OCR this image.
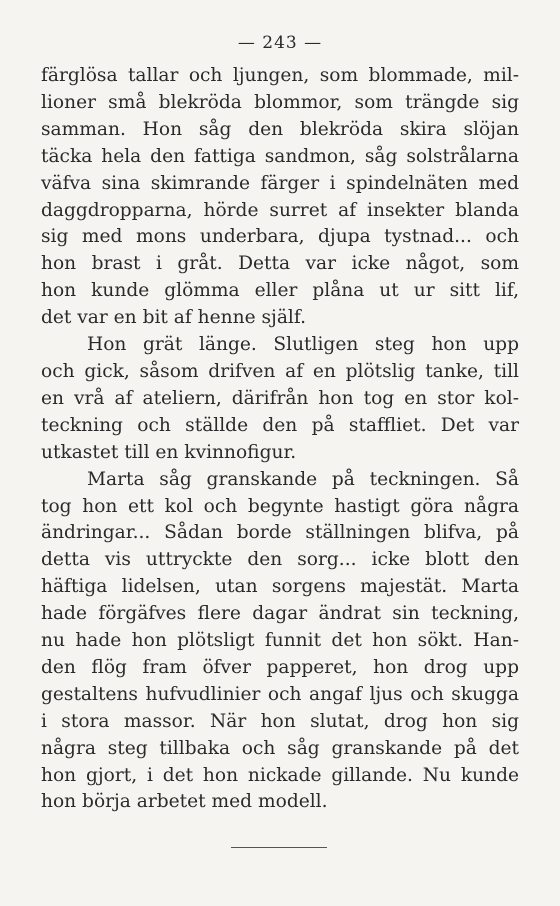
— 243 —
färglösa tallar och ljungen, som blommade, mil-
lioner små blekröda blommor, som trängde sig
samman. Hon såg den blekröda skira slöjan
täcka hela den fattiga sandmon, såg solstrålarna
väfva sina skimrande färger i spindelnäten med
daggdropparna, hörde surret af insekter blanda
sig med mons underbara, djupa tystnad... och
hon brast i gråt. Detta var icke något, som
hon kunde glömma eller plåna ut ur sitt lif,
det var en bit af henne själf.
Hon grät länge. Slutligen steg hon upp
och gick, såsom drifven af en plötslig tanke, till
en vrå af ateliern, därifrån hon tog en stor kol-
teckning och ställde den på staffliet. Det var
utkastet till en kvinnofigur.
Marta såg granskande på teckningen. Så
tog hon ett kol och begynte hastigt göra några
ändringar... Sådan borde ställningen blifva, på
detta vis uttryckte den sorg... icke blott den
häftiga lidelsen, utan sorgens majestät. Marta
hade förgäfves flere dagar ändrat sin teckning,
nu hade hon plötsligt funnit det hon sökt. Han-
den flög fram öfver papperet, hon drog upp
gestaltens hufvudlinier och angaf ljus och skugga
i stora massor. När hon slutat, drog hon sig
några steg tillbaka och såg granskande på det
hon gjort, i det hon nickade gillande. Nu kunde
hon börja arbetet med modell.
